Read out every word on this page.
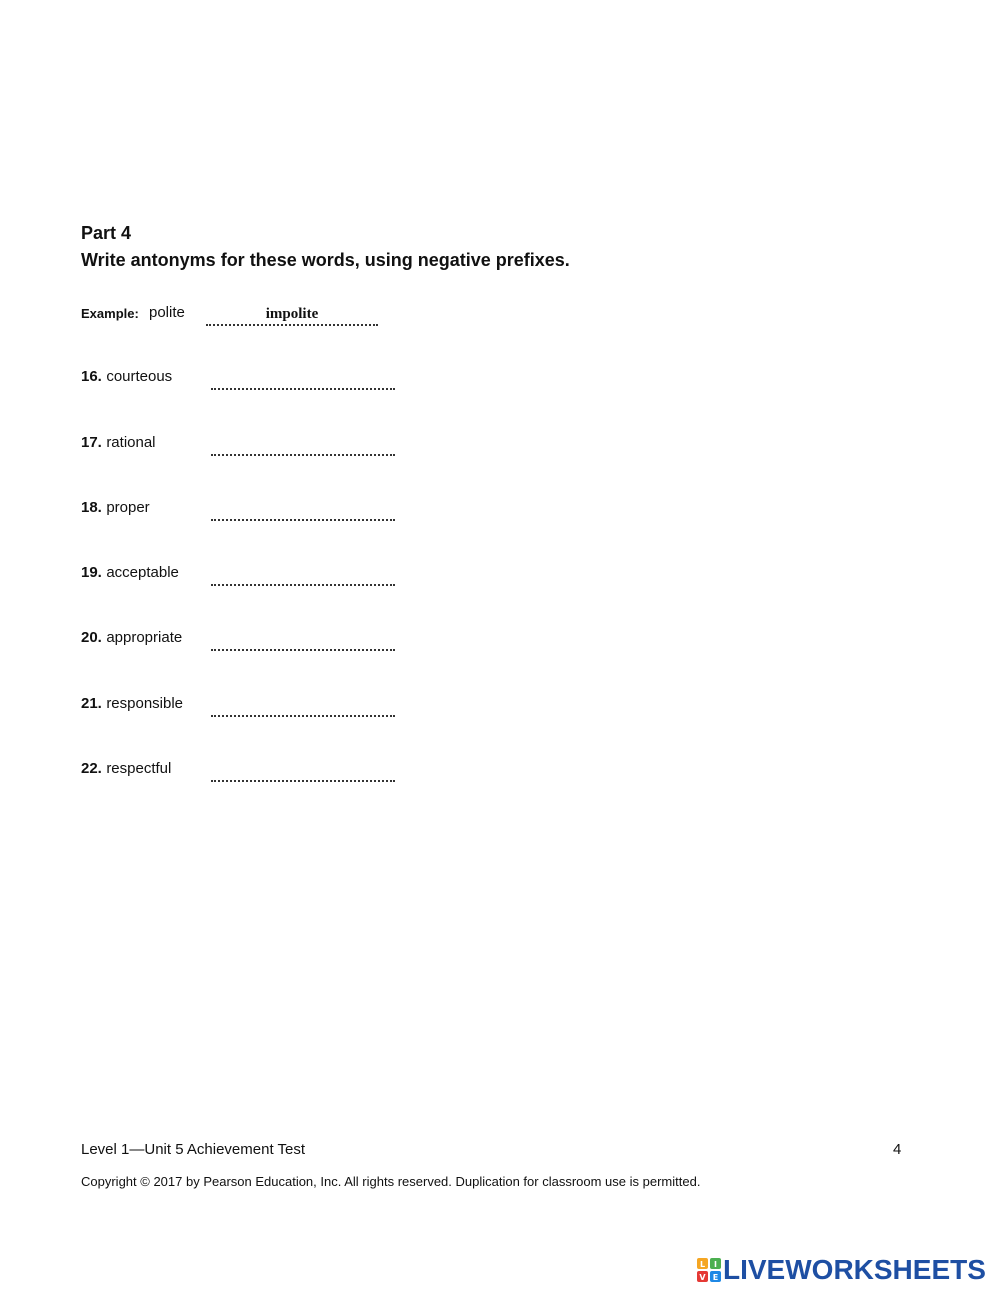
Part 4
Write antonyms for these words, using negative prefixes.
Example: polite	impolite
16. courteous
17. rational
18. proper
19. acceptable
20. appropriate
21. responsible
22. respectful
Level 1—Unit 5 Achievement Test	4
Copyright © 2017 by Pearson Education, Inc. All rights reserved. Duplication for classroom use is permitted.
L I
V E LIVEWORKSHEETS
